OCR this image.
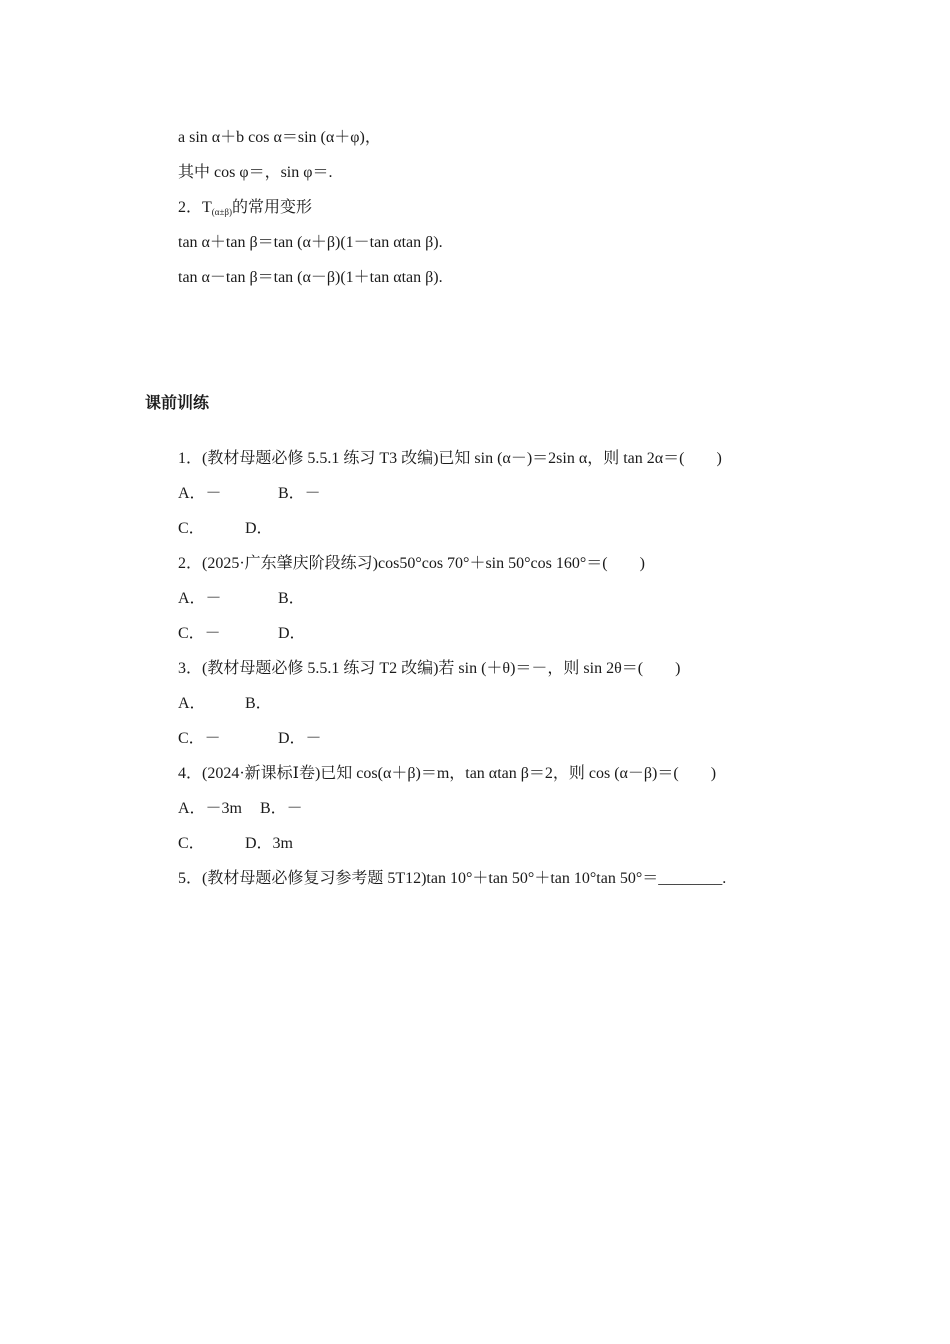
a sin α＋b cos α＝sin (α＋φ)，
其中 cos φ＝，sin φ＝.
2．$T_{(\alpha\pm\beta)}$的常用变形
tan α＋tan β＝tan (α＋β)(1－tan αtan β).
tan α－tan β＝tan (α－β)(1＋tan αtan β).
课前训练
1．(教材母题必修 5.5.1 练习 T3 改编)已知 sin (α－)＝2sin α，则 tan 2α＝(　　)
A．－	B．－
C．	D．
2．(2025·广东肇庆阶段练习)cos50°cos 70°＋sin 50°cos 160°＝(　　)
A．－	B．
C．－	D．
3．(教材母题必修 5.5.1 练习 T2 改编)若 sin (＋θ)＝－，则 sin 2θ＝(　　)
A． B．
C．－	D．－
4．(2024·新课标Ⅰ卷)已知 cos(α＋β)＝m，tan αtan β＝2，则 cos (α－β)＝(　　)
A．－3m B．－
C．	D．3m
5．(教材母题必修复习参考题 5T12)tan 10°＋tan 50°＋tan 10°tan 50°＝________.
